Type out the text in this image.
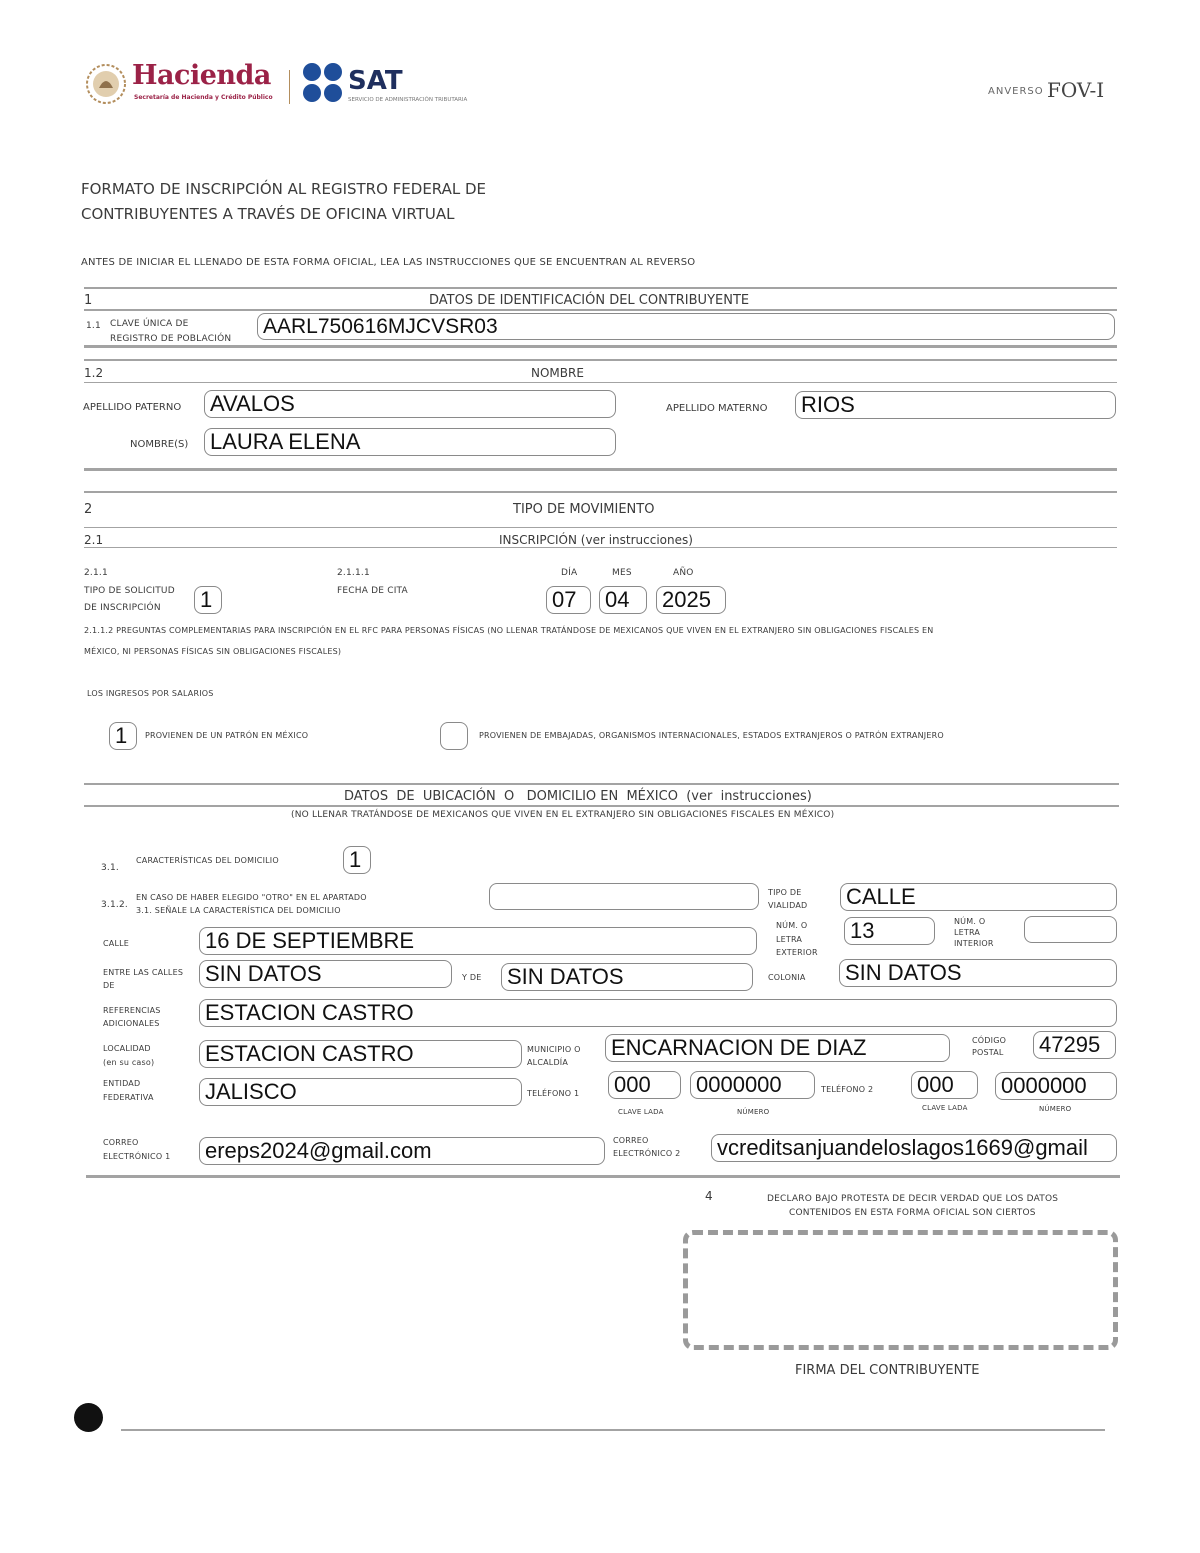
Hacienda
Secretaría de Hacienda y Crédito Público
SAT
SERVICIO DE ADMINISTRACIÓN TRIBUTARIA
ANVERSO FOV-I
FORMATO DE INSCRIPCIÓN AL REGISTRO FEDERAL DE
CONTRIBUYENTES A TRAVÉS DE OFICINA VIRTUAL
ANTES DE INICIAR EL LLENADO DE ESTA FORMA OFICIAL, LEA LAS INSTRUCCIONES QUE SE ENCUENTRAN AL REVERSO
1	DATOS DE IDENTIFICACIÓN DEL CONTRIBUYENTE
1.1 CLAVE ÚNICA DE
REGISTRO DE POBLACIÓN
AARL750616MJCVSR03
1.2	NOMBRE
APELLIDO PATERNO AVALOS	APELLIDO MATERNO RIOS
NOMBRE(S) LAURA ELENA
2	TIPO DE MOVIMIENTO
2.1	INSCRIPCIÓN (ver instrucciones)
2.1.1
TIPO DE SOLICITUD
DE INSCRIPCIÓN 1
2.1.1.1
FECHA DE CITA
DÍA	MES	AÑO
07	04	2025
2.1.1.2 PREGUNTAS COMPLEMENTARIAS PARA INSCRIPCIÓN EN EL RFC PARA PERSONAS FÍSICAS (NO LLENAR TRATÁNDOSE DE MEXICANOS QUE VIVEN EN EL EXTRANJERO SIN OBLIGACIONES FISCALES EN
MÉXICO, NI PERSONAS FÍSICAS SIN OBLIGACIONES FISCALES)
LOS INGRESOS POR SALARIOS
1	PROVIENEN DE UN PATRÓN EN MÉXICO	PROVIENEN DE EMBAJADAS, ORGANISMOS INTERNACIONALES, ESTADOS EXTRANJEROS O PATRÓN EXTRANJERO
DATOS  DE  UBICACIÓN  O   DOMICILIO EN  MÉXICO  (ver  instrucciones)
(NO LLENAR TRATÁNDOSE DE MEXICANOS QUE VIVEN EN EL EXTRANJERO SIN OBLIGACIONES FISCALES EN MÉXICO)
3.1.
CARACTERÍSTICAS DEL DOMICILIO	1
3.1.2.
EN CASO DE HABER ELEGIDO "OTRO" EN EL APARTADO
3.1. SEÑALE LA CARACTERÍSTICA DEL DOMICILIO
TIPO DE
VIALIDAD CALLE
CALLE	16 DE SEPTIEMBRE
NÚM. O
LETRA
EXTERIOR
13	NÚM. O
LETRA
INTERIOR
ENTRE LAS CALLES
DE	SIN DATOS	Y DE SIN DATOS	COLONIA SIN DATOS
REFERENCIAS
ADICIONALES ESTACION CASTRO
LOCALIDAD
(en su caso) ESTACION CASTRO	MUNICIPIO O
ALCALDÍA
ENCARNACION DE DIAZ	CÓDIGO
POSTAL 47295
ENTIDAD
FEDERATIVA JALISCO	TELÉFONO 1 000	0000000
CLAVE LADA	NÚMERO
TELÉFONO 2 000	0000000
CLAVE LADA	NÚMERO
CORREO
ELECTRÓNICO 1 ereps2024@gmail.com	CORREO
ELECTRÓNICO 2 vcreditsanjuandeloslagos1669@gmail
4	DECLARO BAJO PROTESTA DE DECIR VERDAD QUE LOS DATOS
CONTENIDOS EN ESTA FORMA OFICIAL SON CIERTOS
FIRMA DEL CONTRIBUYENTE
